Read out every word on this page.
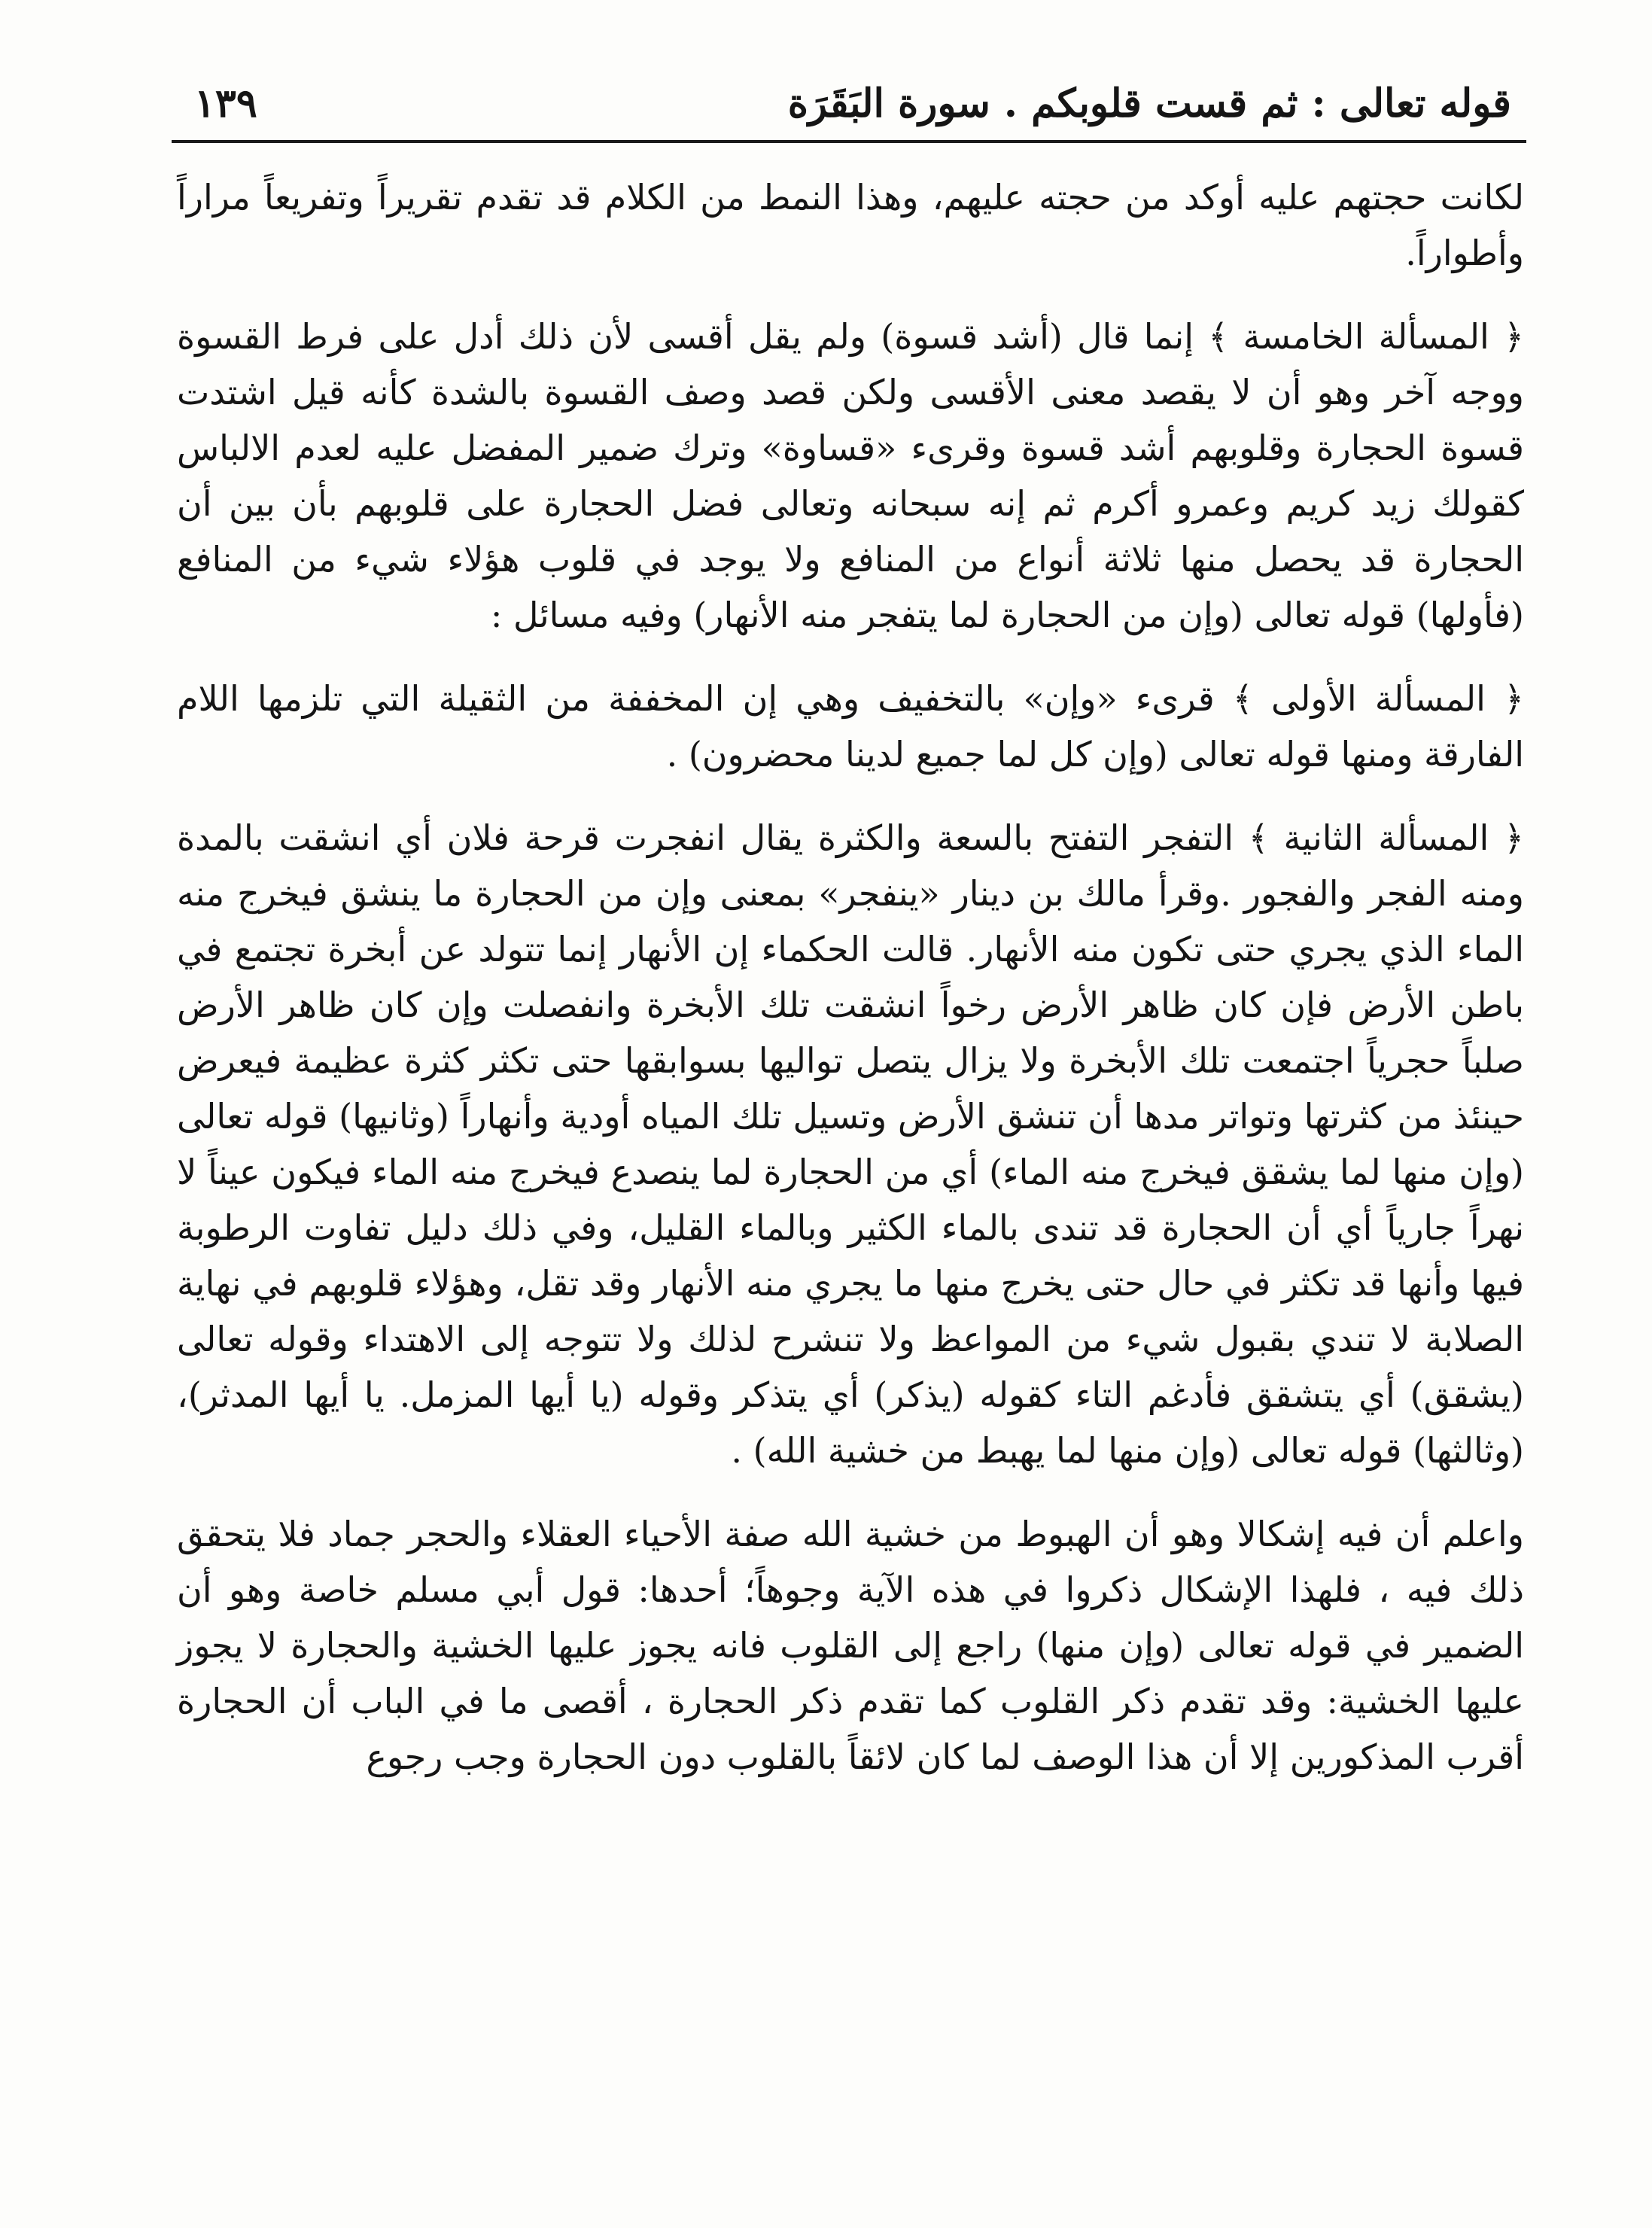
قوله تعالى : ثم قست قلوبكم . سورة البَقَرَة
١٣٩

لكانت حجتهم عليه أوكد من حجته عليهم، وهذا النمط من الكلام قد تقدم تقريراً وتفريعاً مراراً وأطواراً.

﴿ المسألة الخامسة ﴾ إنما قال (أشد قسوة) ولم يقل أقسى لأن ذلك أدل على فرط القسوة ووجه آخر وهو أن لا يقصد معنى الأقسى ولكن قصد وصف القسوة بالشدة كأنه قيل اشتدت قسوة الحجارة وقلوبهم أشد قسوة وقرىء «قساوة» وترك ضمير المفضل عليه لعدم الالباس كقولك زيد كريم وعمرو أكرم ثم إنه سبحانه وتعالى فضل الحجارة على قلوبهم بأن بين أن الحجارة قد يحصل منها ثلاثة أنواع من المنافع ولا يوجد في قلوب هؤلاء شيء من المنافع (فأولها) قوله تعالى (وإن من الحجارة لما يتفجر منه الأنهار) وفيه مسائل :

﴿ المسألة الأولى ﴾ قرىء «وإن» بالتخفيف وهي إن المخففة من الثقيلة التي تلزمها اللام الفارقة ومنها قوله تعالى (وإن كل لما جميع لدينا محضرون) .

﴿ المسألة الثانية ﴾ التفجر التفتح بالسعة والكثرة يقال انفجرت قرحة فلان أي انشقت بالمدة ومنه الفجر والفجور .وقرأ مالك بن دينار «ينفجر» بمعنى وإن من الحجارة ما ينشق فيخرج منه الماء الذي يجري حتى تكون منه الأنهار. قالت الحكماء إن الأنهار إنما تتولد عن أبخرة تجتمع في باطن الأرض فإن كان ظاهر الأرض رخواً انشقت تلك الأبخرة وانفصلت وإن كان ظاهر الأرض صلباً حجرياً اجتمعت تلك الأبخرة ولا يزال يتصل تواليها بسوابقها حتى تكثر كثرة عظيمة فيعرض حينئذ من كثرتها وتواتر مدها أن تنشق الأرض وتسيل تلك المياه أودية وأنهاراً (وثانيها) قوله تعالى (وإن منها لما يشقق فيخرج منه الماء) أي من الحجارة لما ينصدع فيخرج منه الماء فيكون عيناً لا نهراً جارياً أي أن الحجارة قد تندى بالماء الكثير وبالماء القليل، وفي ذلك دليل تفاوت الرطوبة فيها وأنها قد تكثر في حال حتى يخرج منها ما يجري منه الأنهار وقد تقل، وهؤلاء قلوبهم في نهاية الصلابة لا تندي بقبول شيء من المواعظ ولا تنشرح لذلك ولا تتوجه إلى الاهتداء وقوله تعالى (يشقق) أي يتشقق فأدغم التاء كقوله (يذكر) أي يتذكر وقوله (يا أيها المزمل. يا أيها المدثر)، (وثالثها) قوله تعالى (وإن منها لما يهبط من خشية الله) .

واعلم أن فيه إشكالا وهو أن الهبوط من خشية الله صفة الأحياء العقلاء والحجر جماد فلا يتحقق ذلك فيه ، فلهذا الإشكال ذكروا في هذه الآية وجوهاً؛ أحدها: قول أبي مسلم خاصة وهو أن الضمير في قوله تعالى (وإن منها) راجع إلى القلوب فانه يجوز عليها الخشية والحجارة لا يجوز عليها الخشية: وقد تقدم ذكر القلوب كما تقدم ذكر الحجارة ، أقصى ما في الباب أن الحجارة أقرب المذكورين إلا أن هذا الوصف لما كان لائقاً بالقلوب دون الحجارة وجب رجوع
